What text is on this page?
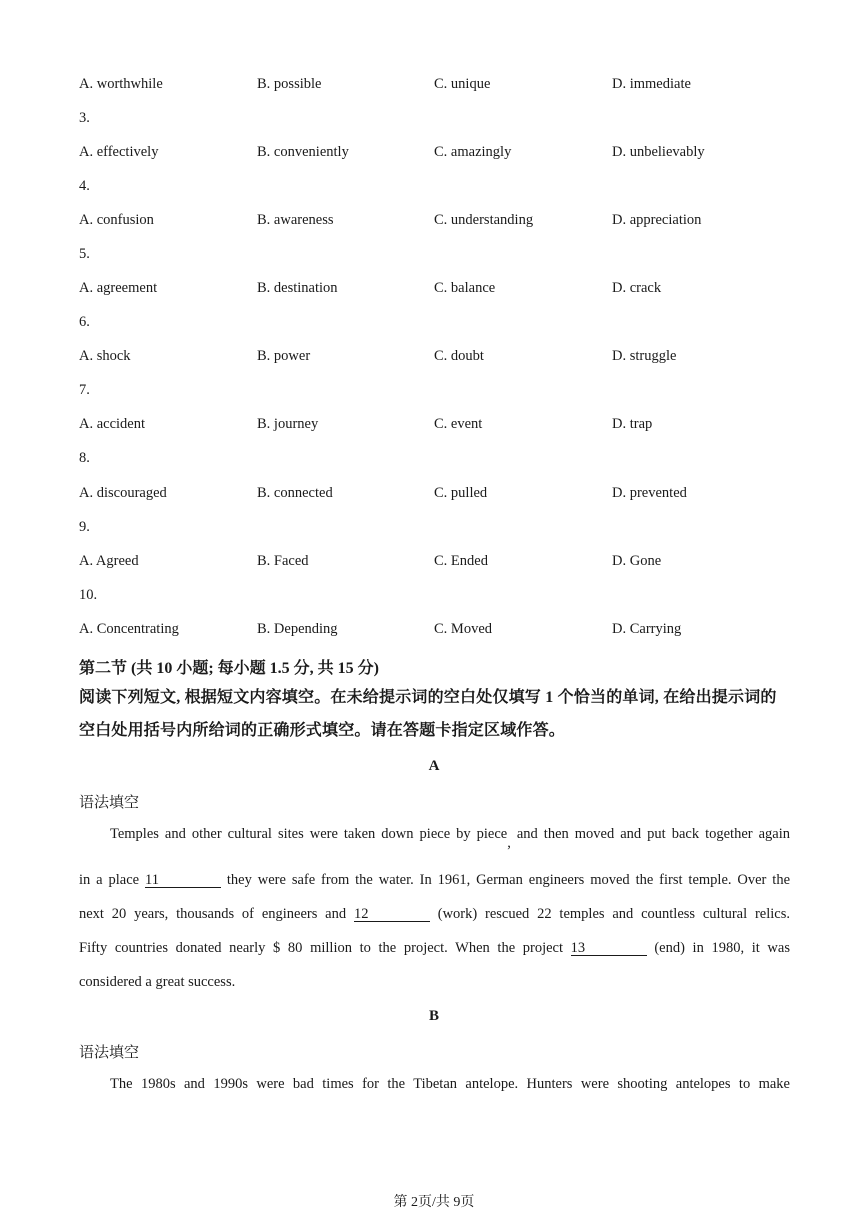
A. worthwhile	B. possible	C. unique	D. immediate
3.
A. effectively	B. conveniently	C. amazingly	D. unbelievably
4.
A. confusion	B. awareness	C. understanding	D. appreciation
5.
A. agreement	B. destination	C. balance	D. crack
6.
A. shock	B. power	C. doubt	D. struggle
7.
A. accident	B. journey	C. event	D. trap
8.
A. discouraged	B. connected	C. pulled	D. prevented
9.
A. Agreed	B. Faced	C. Ended	D. Gone
10.
A. Concentrating	B. Depending	C. Moved	D. Carrying
第二节 (共 10 小题; 每小题 1.5 分, 共 15 分)
阅读下列短文, 根据短文内容填空。在未给提示词的空白处仅填写 1 个恰当的单词, 在给出提示词的空白处用括号内所给词的正确形式填空。请在答题卡指定区域作答。
A
语法填空
Temples and other cultural sites were taken down piece by piece, and then moved and put back together again
in a place 11	they were safe from the water. In 1961, German engineers moved the first temple. Over the
next 20 years, thousands of engineers and 12	(work) rescued 22 temples and countless cultural relics.
Fifty countries donated nearly $ 80 million to the project. When the project 13	(end) in 1980, it was
considered a great success.
B
语法填空
The 1980s and 1990s were bad times for the Tibetan antelope. Hunters were shooting antelopes to make
第 2页/共 9页
